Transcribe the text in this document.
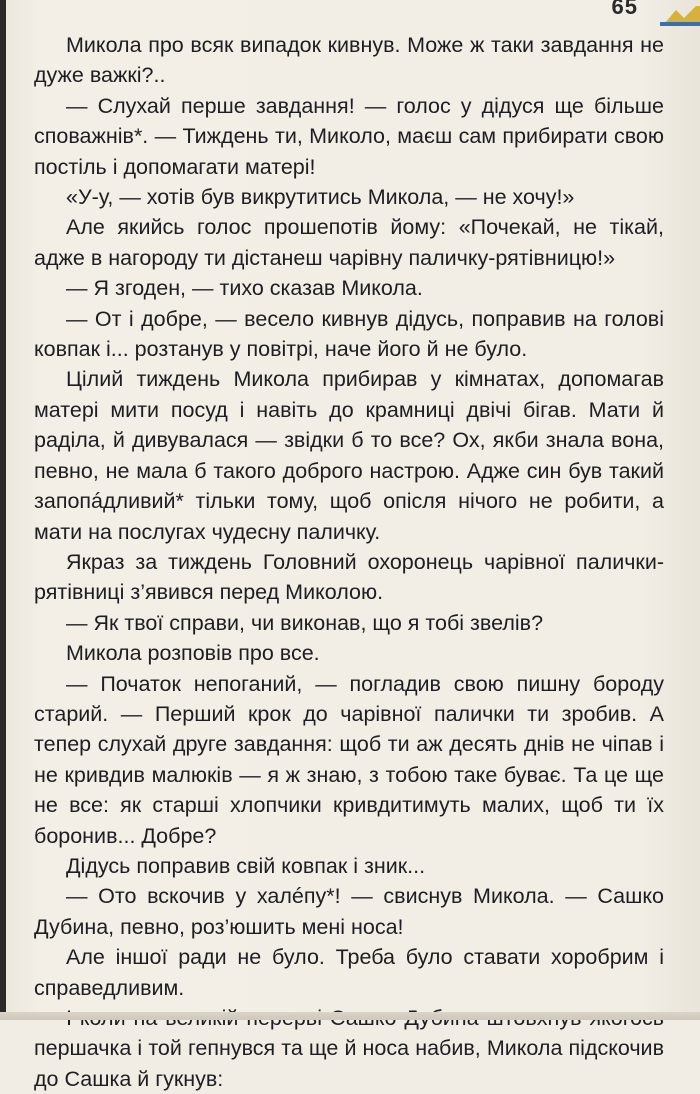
65

Микола про всяк випадок кивнув. Може ж таки завдання не дуже важкі?..

— Слухай перше завдання! — голос у дідуся ще більше споважнів*. — Тиждень ти, Миколо, маєш сам прибирати свою постіль і допомагати матері!

«У-у, — хотів був викрутитись Микола, — не хочу!»

Але якийсь голос прошепотів йому: «Почекай, не тікай, адже в нагороду ти дістанеш чарівну паличку-рятівницю!»

— Я згоден, — тихо сказав Микола.

— От і добре, — весело кивнув дідусь, поправив на голові ковпак і... розтанув у повітрі, наче його й не було.

Цілий тиждень Микола прибирав у кімнатах, допомагав матері мити посуд і навіть до крамниці двічі бігав. Мати й раділа, й дивувалася — звідки б то все? Ох, якби знала вона, певно, не мала б такого доброго настрою. Адже син був такий запопáдливий* тільки тому, щоб опісля нічого не робити, а мати на послугах чудесну паличку.

Якраз за тиждень Головний охоронець чарівної палички-рятівниці з’явився перед Миколою.

— Як твої справи, чи виконав, що я тобі звелів?

Микола розповів про все.

— Початок непоганий, — погладив свою пишну бороду старий. — Перший крок до чарівної палички ти зробив. А тепер слухай друге завдання: щоб ти аж десять днів не чіпав і не кривдив малюків — я ж знаю, з тобою таке буває. Та це ще не все: як старші хлопчики кривдитимуть малих, щоб ти їх боронив... Добре?

Дідусь поправив свій ковпак і зник...

— Ото вскочив у халéпу*! — свиснув Микола. — Сашко Дубина, певно, роз’юшить мені носа!

Але іншої ради не було. Треба було ставати хоробрим і справедливим.

першачка і той гепнувся та ще й носа набив, Микола підскочив до Сашка й гукнув:
